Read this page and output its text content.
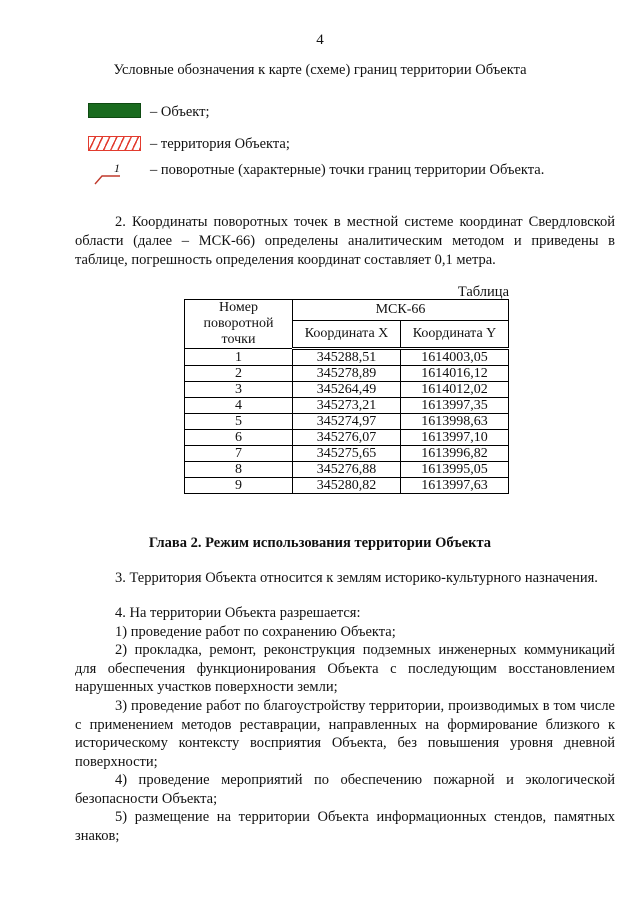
4
Условные обозначения к карте (схеме) границ территории Объекта
– Объект;
– территория Объекта;
1 – поворотные (характерные) точки границ территории Объекта.
2. Координаты поворотных точек в местной системе координат Свердловской области (далее – МСК-66) определены аналитическим методом и приведены в таблице, погрешность определения координат составляет 0,1 метра.
Таблица
Номер поворотной точки	МСК-66	
	Координата X	Координата Y
1	345288,51	1614003,05
2	345278,89	1614016,12
3	345264,49	1614012,02
4	345273,21	1613997,35
5	345274,97	1613998,63
6	345276,07	1613997,10
7	345275,65	1613996,82
8	345276,88	1613995,05
9	345280,82	1613997,63
Глава 2. Режим использования территории Объекта
3. Территория Объекта относится к землям историко-культурного назначения.
4. На территории Объекта разрешается:
1) проведение работ по сохранению Объекта;
2) прокладка, ремонт, реконструкция подземных инженерных коммуникаций для обеспечения функционирования Объекта с последующим восстановлением нарушенных участков поверхности земли;
3) проведение работ по благоустройству территории, производимых в том числе с применением методов реставрации, направленных на формирование близкого к историческому контексту восприятия Объекта, без повышения уровня дневной поверхности;
4) проведение мероприятий по обеспечению пожарной и экологической безопасности Объекта;
5) размещение на территории Объекта информационных стендов, памятных знаков;
